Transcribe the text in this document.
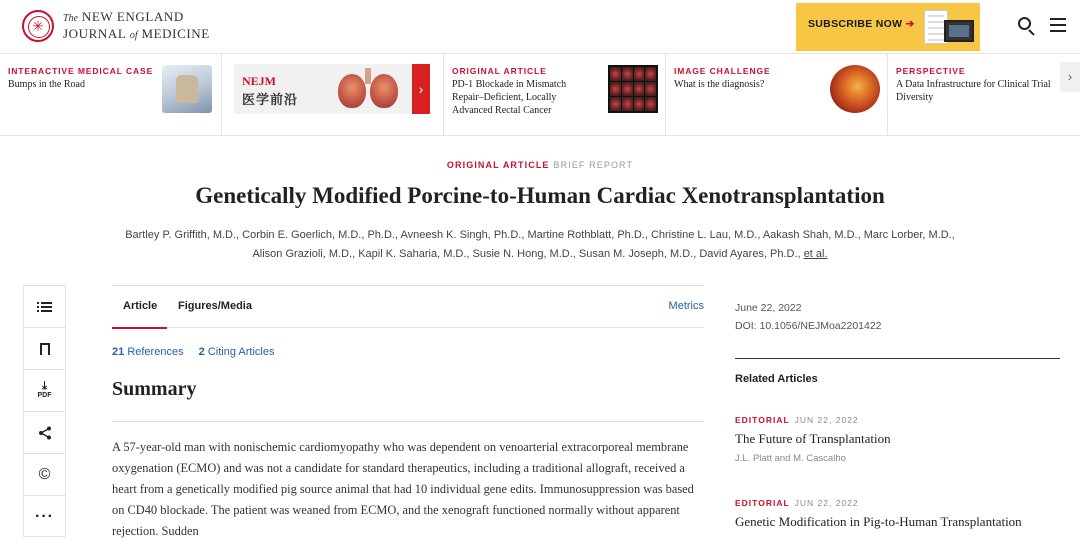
✳
The NEW ENGLAND
JOURNAL of MEDICINE
SUBSCRIBE NOW ➔
INTERACTIVE MEDICAL CASE
Bumps in the Road	NEJM
医学前沿
›
ORIGINAL ARTICLE
PD-1 Blockade in Mismatch Repair–Deficient, Locally Advanced Rectal Cancer
IMAGE CHALLENGE
What is the diagnosis?
PERSPECTIVE
A Data Infrastructure for Clinical Trial Diversity
›
ORIGINAL ARTICLE BRIEF REPORT
Genetically Modified Porcine-to-Human Cardiac Xenotransplantation
Bartley P. Griffith, M.D., Corbin E. Goerlich, M.D., Ph.D., Avneesh K. Singh, Ph.D., Martine Rothblatt, Ph.D., Christine L. Lau, M.D., Aakash Shah, M.D., Marc Lorber, M.D.,
Alison Grazioli, M.D., Kapil K. Saharia, M.D., Susie N. Hong, M.D., Susan M. Joseph, M.D., David Ayares, Ph.D., et al.
⤓
PDF
©
···
Article Figures/Media	Metrics
21 References 2 Citing Articles
Summary

A 57-year-old man with nonischemic cardiomyopathy who was dependent on venoarterial extracorporeal membrane oxygenation (ECMO) and was not a candidate for standard therapeutics, including a traditional allograft, received a heart from a genetically modified pig source animal that had 10 individual gene edits. Immunosuppression was based on CD40 blockade. The patient was weaned from ECMO, and the xenograft functioned normally without apparent rejection. Sudden

June 22, 2022
DOI: 10.1056/NEJMoa2201422
Related Articles
EDITORIAL JUN 22, 2022
The Future of Transplantation
J.L. Platt and M. Cascalho
EDITORIAL JUN 22, 2022
Genetic Modification in Pig-to-Human Transplantation
